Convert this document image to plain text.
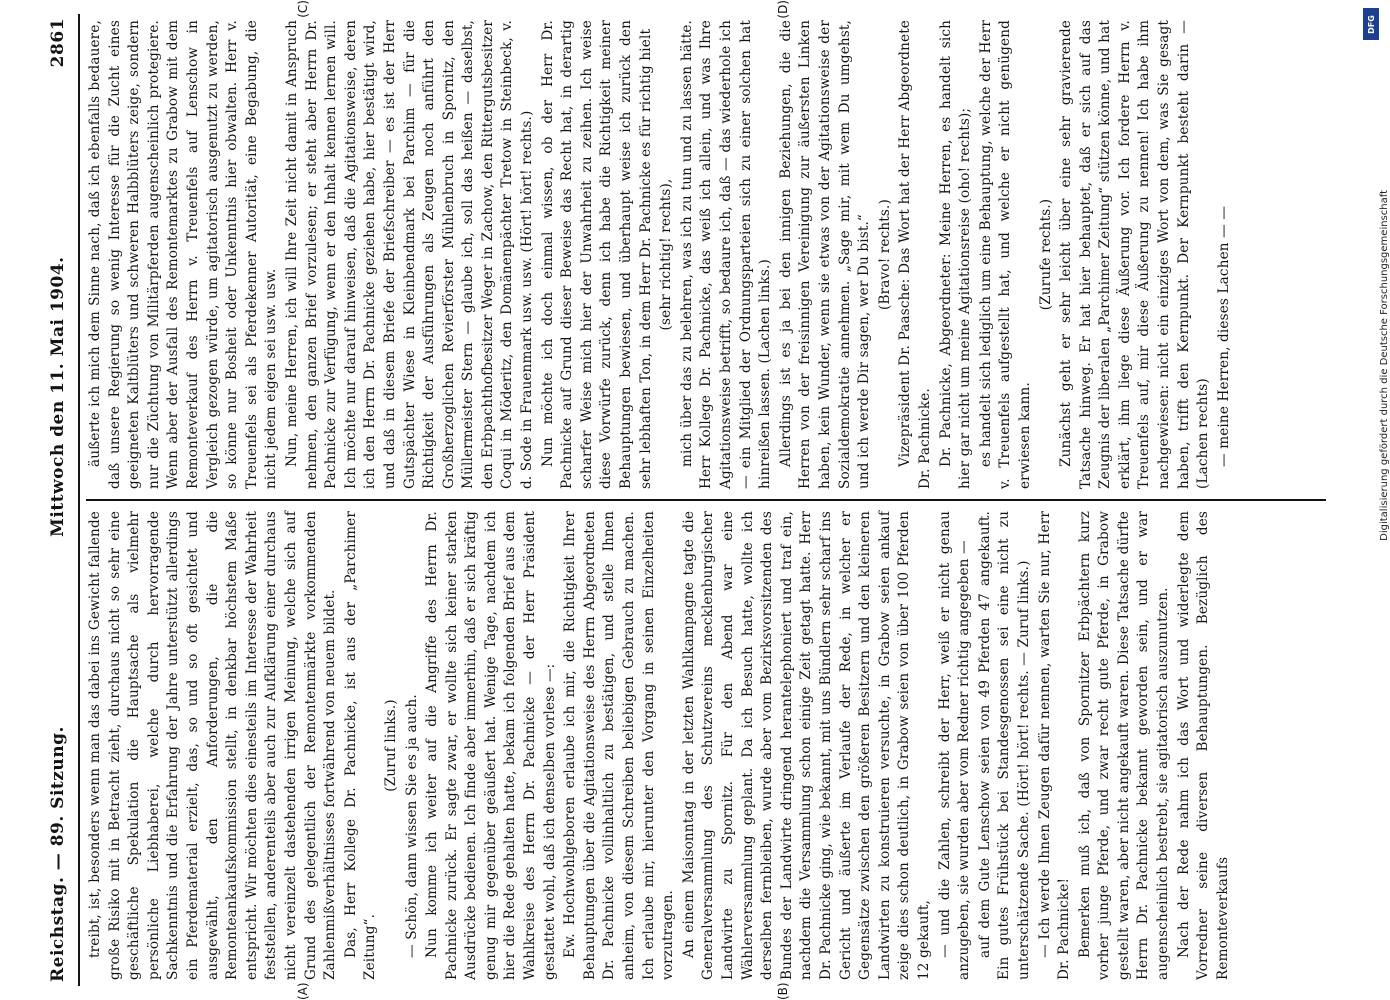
DFG
Digitalisierung gefördert durch die Deutsche Forschungsgemeinschaft
Reichstag. — 89. Sitzung.
Mittwoch den 11. Mai 1904.
2861

treibt, ist, besonders wenn man das dabei ins Gewicht fallende große Risiko mit in Betracht zieht, durchaus nicht so sehr eine geschäftliche Spekulation die Hauptsache als vielmehr persönliche Liebhaberei, welche durch hervorragende Sachkenntnis und die Erfahrung der Jahre unterstützt allerdings ein Pferdematerial erzielt, das, so und so oft gesichtet und ausgewählt, den Anforderungen, die die Remonteankaufskommission stellt, in denkbar höchstem Maße entspricht. Wir möchten dies einesteils im Interesse der Wahrheit feststellen, anderenteils aber auch zur Aufklärung einer durchaus nicht vereinzelt dastehenden irrigen Meinung, welche sich auf Grund des gelegentlich der Remontenmärkte vorkommenden Zahlenmißverhältnisses fortwährend von neuem bildet. Das, Herr Kollege Dr. Pachnicke, ist aus der „Parchimer Zeitung“.

(Zuruf links.) — Schön, dann wissen Sie es ja auch. Nun komme ich weiter auf die Angriffe des Herrn Dr. Pachnicke zurück. Er sagte zwar, er wollte sich keiner starken Ausdrücke bedienen. Ich finde aber immerhin, daß er sich kräftig genug mir gegenüber geäußert hat. Wenige Tage, nachdem ich hier die Rede gehalten hatte, bekam ich folgenden Brief aus dem Wahlkreise des Herrn Dr. Pachnicke — der Herr Präsident gestattet wohl, daß ich denselben vorlese —: Ew. Hochwohlgeboren erlaube ich mir, die Richtigkeit Ihrer Behauptungen über die Agitationsweise des Herrn Abgeordneten Dr. Pachnicke vollinhaltlich zu bestätigen, und stelle Ihnen anheim, von diesem Schreiben beliebigen Gebrauch zu machen. Ich erlaube mir, hierunter den Vorgang in seinen Einzelheiten vorzutragen. An einem Maisonntag in der letzten Wahlkampagne tagte die Generalversammlung des Schutzvereins mecklenburgischer Landwirte zu Spornitz. Für den Abend war eine Wählerversammlung geplant. Da ich Besuch hatte, wollte ich derselben fernbleiben, wurde aber vom Bezirksvorsitzenden des Bundes der Landwirte dringend herantelephoniert und traf ein, nachdem die Versammlung schon einige Zeit getagt hatte. Herr Dr. Pachnicke ging, wie bekannt, mit uns Bündlern sehr scharf ins Gericht und äußerte im Verlaufe der Rede, in welcher er Gegensätze zwischen den größeren Besitzern und den kleineren Landwirten zu konstruieren versuchte, in Grabow seien ankauf zeige dies schon deutlich, in Grabow seien von über 100 Pferden 12 gekauft, — und die Zahlen, schreibt der Herr, weiß er nicht genau anzugeben, sie wurden aber vom Redner richtig angegeben — auf dem Gute Lenschow seien von 49 Pferden 47 angekauft. Ein gutes Frühstück bei Standesgenossen sei eine nicht zu unterschätzende Sache. (Hört! hört! rechts. — Zuruf links.) — Ich werde Ihnen Zeugen dafür nennen, warten Sie nur, Herr Dr. Pachnicke! Bemerken muß ich, daß von Spornitzer Erbpächtern kurz vorher junge Pferde, und zwar recht gute Pferde, in Grabow gestellt waren, aber nicht angekauft waren. Diese Tatsache dürfte Herrn Dr. Pachnicke bekannt geworden sein, und er war augenscheinlich bestrebt, sie agitatorisch auszunutzen. Nach der Rede nahm ich das Wort und widerlegte dem Vorredner seine diversen Behauptungen. Bezüglich des Remonteverkaufs

äußerte ich mich dem Sinne nach, daß ich ebenfalls bedauere, daß unsere Regierung so wenig Interesse für die Zucht eines geeigneten Kaltblüters und schweren Halbblüters zeige, sondern nur die Züchtung von Militärpferden augenscheinlich protegiere. Wenn aber der Ausfall des Remontemarktes zu Grabow mit dem Remonteverkauf des Herrn v. Treuenfels auf Lenschow in Vergleich gezogen würde, um agitatorisch ausgenutzt zu werden, so könne nur Bosheit oder Unkenntnis hier obwalten. Herr v. Treuenfels sei als Pferdekenner Autorität, eine Begabung, die nicht jedem eigen sei usw. usw. Nun, meine Herren, ich will Ihre Zeit nicht damit in Anspruch nehmen, den ganzen Brief vorzulesen; er steht aber Herrn Dr. Pachnicke zur Verfügung, wenn er den Inhalt kennen lernen will. Ich möchte nur darauf hinweisen, daß die Agitationsweise, deren ich den Herrn Dr. Pachnicke geziehen habe, hier bestätigt wird, und daß in diesem Briefe der Briefschreiber — es ist der Herr Gutspächter Wiese in Kleinbendmark bei Parchim — für die Richtigkeit der Ausführungen als Zeugen noch anführt den Großherzoglichen Revierförster Mühlenbruch in Spornitz, den Müllermeister Stern — glaube ich, soll das heißen — daselbst, den Erbpachthofbesitzer Weger in Zachow, den Rittergutsbesitzer Coqui in Möderitz, den Domänenpächter Tretow in Steinbeck, v. d. Sode in Frauenmark usw. usw. (Hört! hört! rechts.) Nun möchte ich doch einmal wissen, ob der Herr Dr. Pachnicke auf Grund dieser Beweise das Recht hat, in derartig scharfer Weise mich hier der Unwahrheit zu zeihen. Ich weise diese Vorwürfe zurück, denn ich habe die Richtigkeit meiner Behauptungen bewiesen, und überhaupt weise ich zurück den sehr lebhaften Ton, in dem Herr Dr. Pachnicke es für richtig hielt (sehr richtig! rechts), mich über das zu belehren, was ich zu tun und zu lassen hätte. Herr Kollege Dr. Pachnicke, das weiß ich allein, und was Ihre Agitationsweise betrifft, so bedaure ich, daß — das wiederhole ich — ein Mitglied der Ordnungsparteien sich zu einer solchen hat hinreißen lassen. (Lachen links.) Allerdings ist es ja bei den innigen Beziehungen, die die Herren von der freisinnigen Vereinigung zur äußersten Linken haben, kein Wunder, wenn sie etwas von der Agitationsweise der Sozialdemokratie annehmen. „Sage mir, mit wem Du umgehst, und ich werde Dir sagen, wer Du bist.“ (Bravo! rechts.) Vizepräsident Dr. Paasche: Das Wort hat der Herr Abgeordnete Dr. Pachnicke. Dr. Pachnicke, Abgeordneter: Meine Herren, es handelt sich hier gar nicht um meine Agitationsreise (oho! rechts); es handelt sich lediglich um eine Behauptung, welche der Herr v. Treuenfels aufgestellt hat, und welche er nicht genügend erwiesen kann.

(Zurufe rechts.) Zunächst geht er sehr leicht über eine sehr gravierende Tatsache hinweg. Er hat hier behauptet, daß er sich auf das Zeugnis der liberalen „Parchimer Zeitung“ stützen könne, und hat erklärt, ihm liege diese Äußerung vor. Ich fordere Herrn v. Treuenfels auf, mir diese Äußerung zu nennen! Ich habe ihm nachgewiesen: nicht ein einziges Wort von dem, was Sie gesagt haben, trifft den Kernpunkt. Der Kernpunkt besteht darin — (Lachen rechts) — meine Herren, dieses Lachen — —

(A)	(B)
(C)	(D)
